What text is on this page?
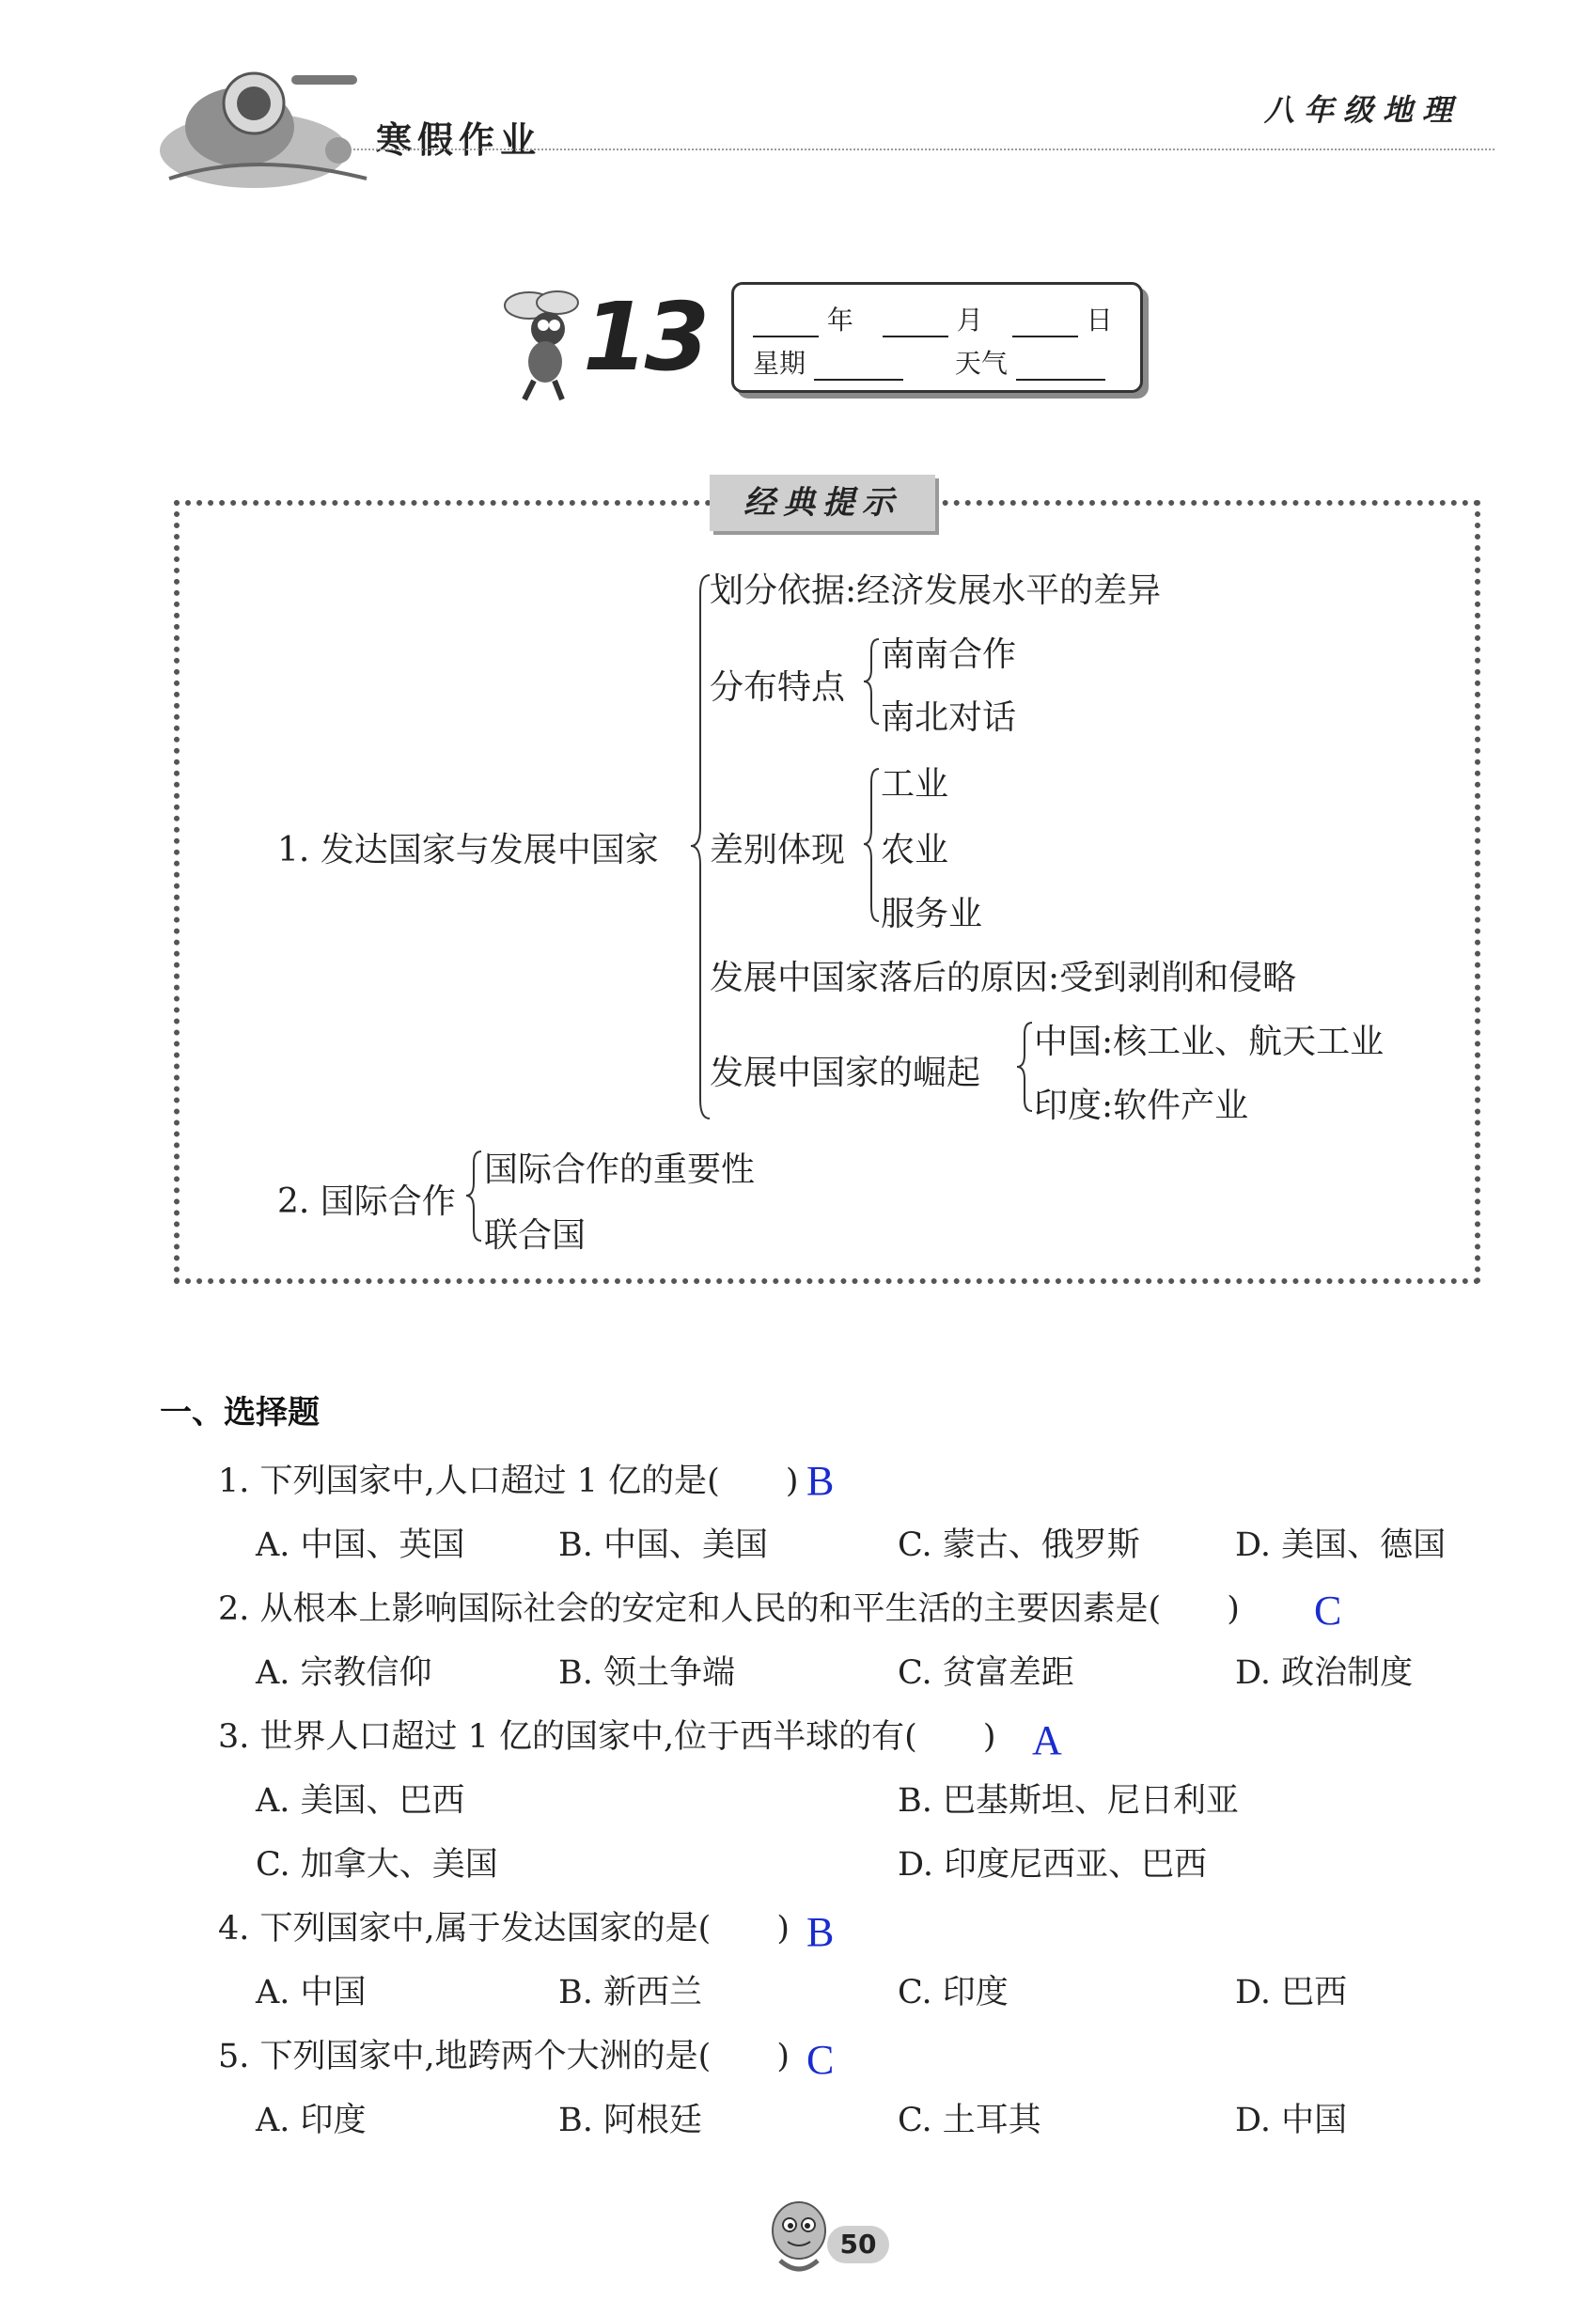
寒假作业
八年级地理
13	年	月	日
星期	天气
经典提示
划分依据:经济发展水平的差异
分布特点
南南合作
南北对话
1. 发达国家与发展中国家 差别体现
工业
农业
服务业
发展中国家落后的原因:受到剥削和侵略
发展中国家的崛起
中国:核工业、航天工业
印度:软件产业
2. 国际合作
国际合作的重要性
联合国
一、选择题
1. 下列国家中,人口超过 1 亿的是( ) B
A. 中国、英国	B. 中国、美国	C. 蒙古、俄罗斯	D. 美国、德国
2. 从根本上影响国际社会的安定和人民的和平生活的主要因素是( ) C
A. 宗教信仰	B. 领土争端	C. 贫富差距	D. 政治制度
3. 世界人口超过 1 亿的国家中,位于西半球的有( ) A
A. 美国、巴西	B. 巴基斯坦、尼日利亚
C. 加拿大、美国	D. 印度尼西亚、巴西
4. 下列国家中,属于发达国家的是( ) B
A. 中国	B. 新西兰	C. 印度	D. 巴西
5. 下列国家中,地跨两个大洲的是( ) C
A. 印度	B. 阿根廷	C. 土耳其	D. 中国
50
